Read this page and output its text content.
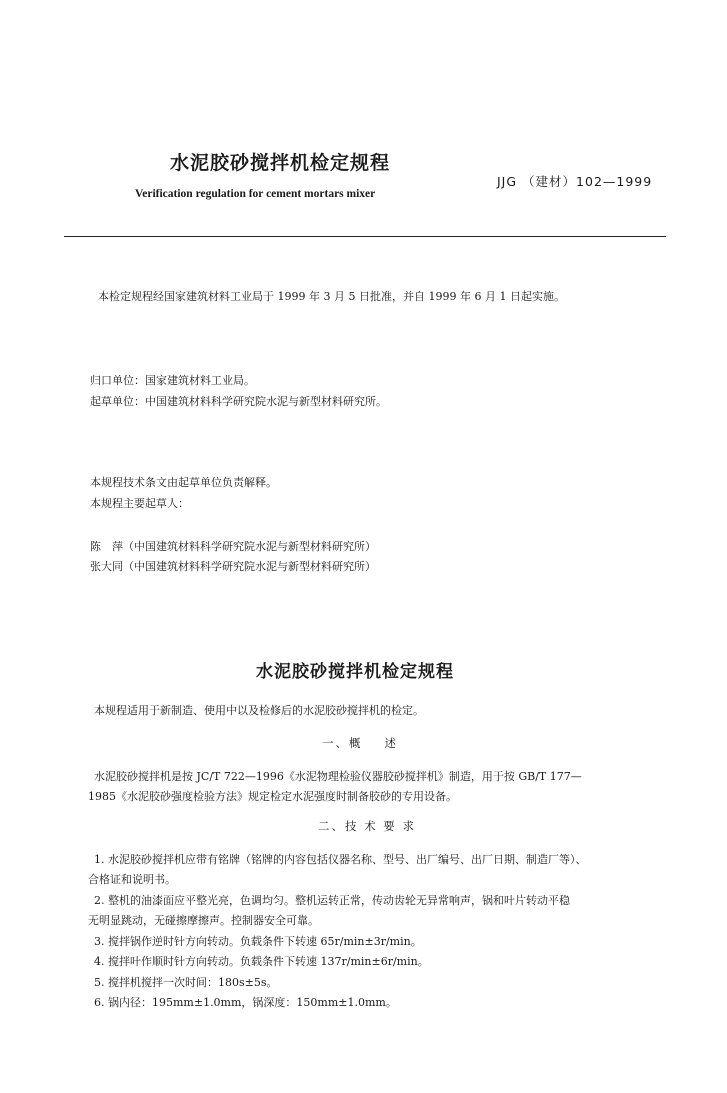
水泥胶砂搅拌机检定规程
JJG （建材）102—1999
Verification regulation for cement mortars mixer
本检定规程经国家建筑材料工业局于 1999 年 3 月 5 日批准，并自 1999 年 6 月 1 日起实施。
归口单位：国家建筑材料工业局。
起草单位：中国建筑材料科学研究院水泥与新型材料研究所。
本规程技术条文由起草单位负责解释。
本规程主要起草人：
陈　萍（中国建筑材料科学研究院水泥与新型材料研究所）
张大同（中国建筑材料科学研究院水泥与新型材料研究所）
水泥胶砂搅拌机检定规程
本规程适用于新制造、使用中以及检修后的水泥胶砂搅拌机的检定。
一、概 述
水泥胶砂搅拌机是按 JC/T 722—1996《水泥物理检验仪器胶砂搅拌机》制造，用于按 GB/T 177—
1985《水泥胶砂强度检验方法》规定检定水泥强度时制备胶砂的专用设备。
二、技 术 要 求
1. 水泥胶砂搅拌机应带有铭牌（铭牌的内容包括仪器名称、型号、出厂编号、出厂日期、制造厂等）、
合格证和说明书。
2. 整机的油漆面应平整光亮，色调均匀。整机运转正常，传动齿轮无异常响声，锅和叶片转动平稳
无明显跳动，无碰擦摩擦声。控制器安全可靠。
3. 搅拌锅作逆时针方向转动。负载条件下转速 65r/min±3r/min。
4. 搅拌叶作顺时针方向转动。负载条件下转速 137r/min±6r/min。
5. 搅拌机搅拌一次时间：180s±5s。
6. 锅内径：195mm±1.0mm，锅深度：150mm±1.0mm。
